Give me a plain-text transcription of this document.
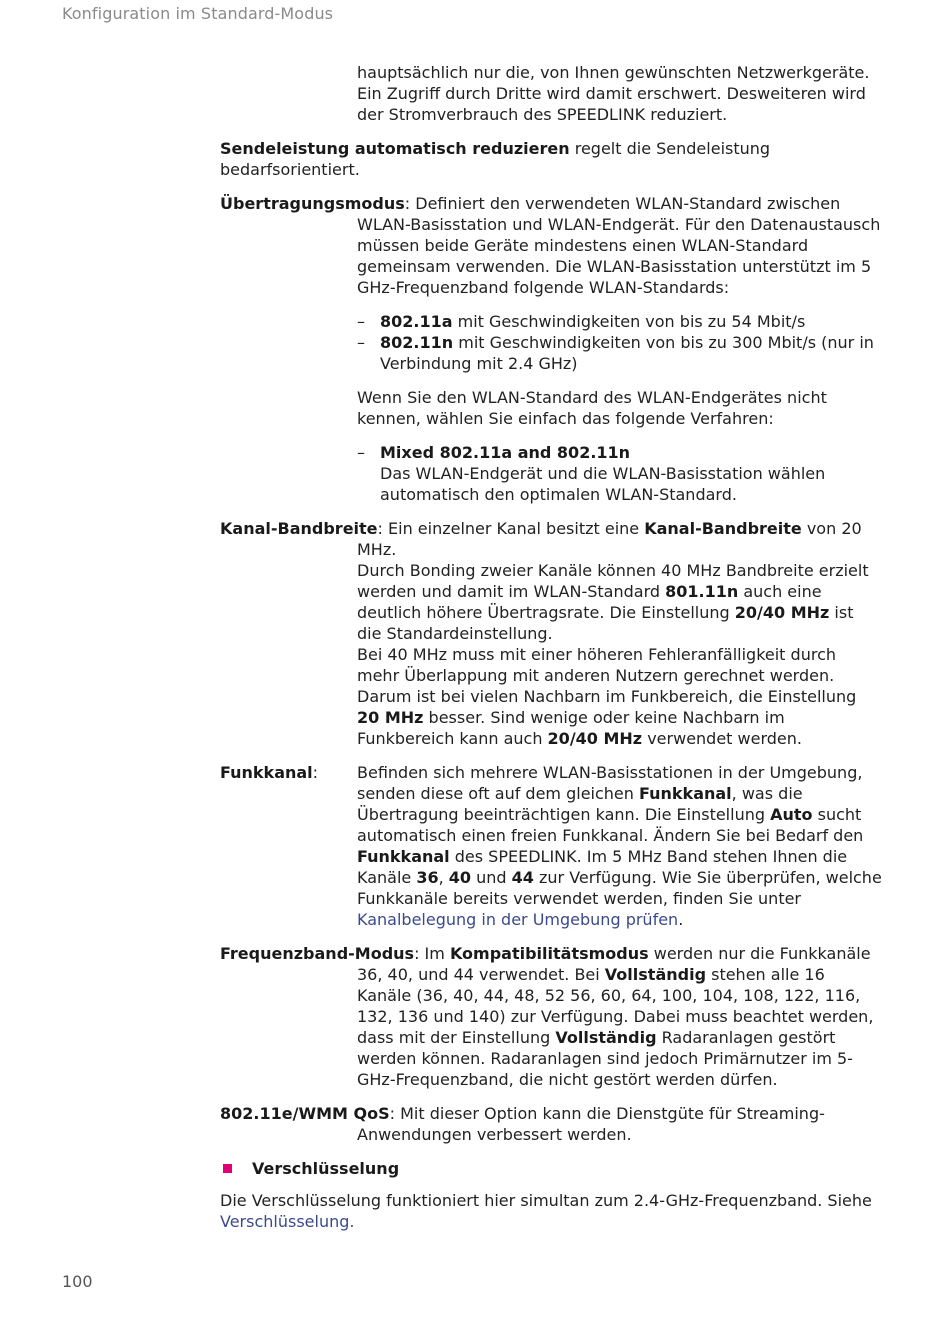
Konfiguration im Standard-Modus

hauptsächlich nur die, von Ihnen gewünschten Netzwerkgeräte. Ein Zugriff durch Dritte wird damit erschwert. Desweiteren wird der Stromverbrauch des SPEEDLINK reduziert.

Sendeleistung automatisch reduzieren regelt die Sendeleistung bedarfsorientiert.

Übertragungsmodus: Definiert den verwendeten WLAN-Standard zwischen WLAN-Basisstation und WLAN-Endgerät. Für den Datenaustausch müssen beide Geräte mindestens einen WLAN-Standard gemeinsam verwenden. Die WLAN-Basisstation unterstützt im 5 GHz-Frequenzband folgende WLAN-Standards:

– 802.11a mit Geschwindigkeiten von bis zu 54 Mbit/s
– 802.11n mit Geschwindigkeiten von bis zu 300 Mbit/s (nur in Verbindung mit 2.4 GHz)

Wenn Sie den WLAN-Standard des WLAN-Endgerätes nicht kennen, wählen Sie einfach das folgende Verfahren:

– Mixed 802.11a and 802.11n
Das WLAN-Endgerät und die WLAN-Basisstation wählen automatisch den optimalen WLAN-Standard.

Kanal-Bandbreite: Ein einzelner Kanal besitzt eine Kanal-Bandbreite von 20 MHz.

Durch Bonding zweier Kanäle können 40 MHz Bandbreite erzielt werden und damit im WLAN-Standard 801.11n auch eine deutlich höhere Übertragsrate. Die Einstellung 20/40 MHz ist die Standardeinstellung.

Bei 40 MHz muss mit einer höheren Fehleranfälligkeit durch mehr Überlappung mit anderen Nutzern gerechnet werden. Darum ist bei vielen Nachbarn im Funkbereich, die Einstellung 20 MHz besser. Sind wenige oder keine Nachbarn im Funkbereich kann auch 20/40 MHz verwendet werden.

Funkkanal:	Befinden sich mehrere WLAN-Basisstationen in der Umgebung, senden diese oft auf dem gleichen Funkkanal, was die Übertragung beeinträchtigen kann. Die Einstellung Auto sucht automatisch einen freien Funkkanal. Ändern Sie bei Bedarf den Funkkanal des SPEEDLINK. Im 5 MHz Band stehen Ihnen die Kanäle 36, 40 und 44 zur Verfügung. Wie Sie überprüfen, welche Funkkanäle bereits verwendet werden, finden Sie unter Kanalbelegung in der Umgebung prüfen.

Frequenzband-Modus: Im Kompatibilitätsmodus werden nur die Funkkanäle 36, 40, und 44 verwendet. Bei Vollständig stehen alle 16 Kanäle (36, 40, 44, 48, 52 56, 60, 64, 100, 104, 108, 122, 116, 132, 136 und 140) zur Verfügung. Dabei muss beachtet werden, dass mit der Einstellung Vollständig Radaranlagen gestört werden können. Radaranlagen sind jedoch Primärnutzer im 5-GHz-Frequenzband, die nicht gestört werden dürfen.

802.11e/WMM QoS: Mit dieser Option kann die Dienstgüte für Streaming-Anwendungen verbessert werden.

Verschlüsselung

Die Verschlüsselung funktioniert hier simultan zum 2.4-GHz-Frequenzband. Siehe Verschlüsselung.

100
